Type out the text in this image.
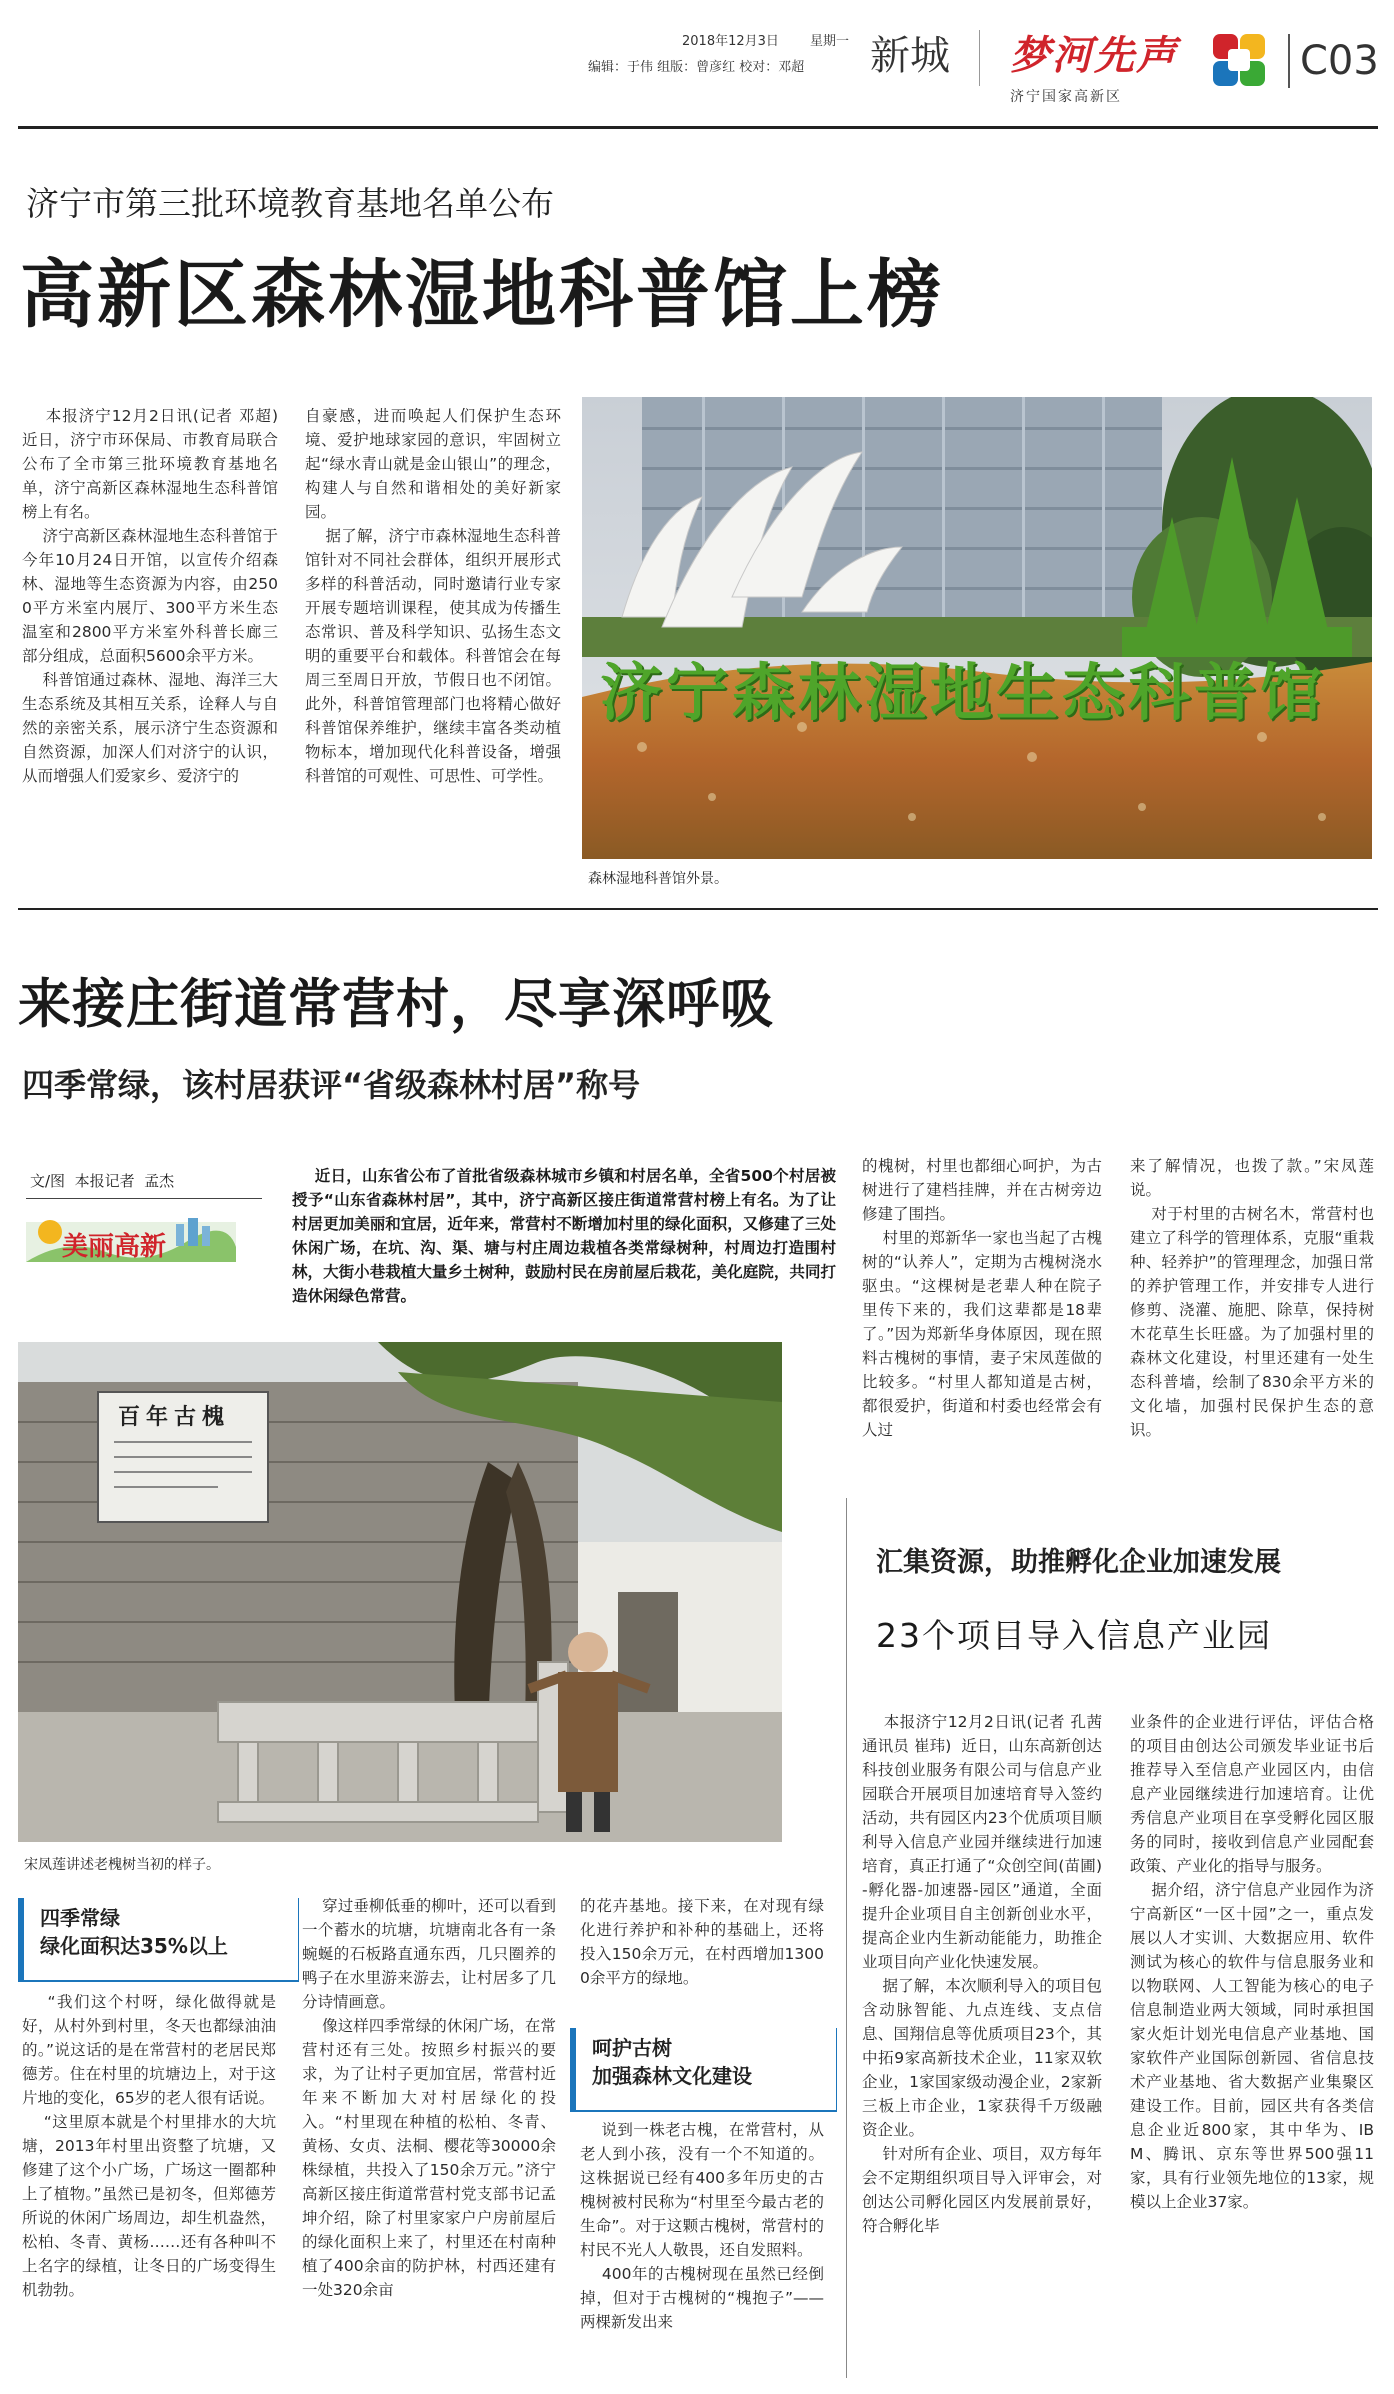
2018年12月3日 星期一
编辑：于伟 组版：曾彦红 校对：邓超 新城 梦河先声
济宁国家高新区
C03
济宁市第三批环境教育基地名单公布
高新区森林湿地科普馆上榜

本报济宁12月2日讯(记者 邓超)  近日，济宁市环保局、市教育局联合公布了全市第三批环境教育基地名单，济宁高新区森林湿地生态科普馆榜上有名。
济宁高新区森林湿地生态科普馆于今年10月24日开馆，以宣传介绍森林、湿地等生态资源为内容，由2500平方米室内展厅、300平方米生态温室和2800平方米室外科普长廊三部分组成，总面积5600余平方米。
科普馆通过森林、湿地、海洋三大生态系统及其相互关系，诠释人与自然的亲密关系，展示济宁生态资源和自然资源，加深人们对济宁的认识，从而增强人们爱家乡、爱济宁的

自豪感，进而唤起人们保护生态环境、爱护地球家园的意识，牢固树立起“绿水青山就是金山银山”的理念，构建人与自然和谐相处的美好新家园。
据了解，济宁市森林湿地生态科普馆针对不同社会群体，组织开展形式多样的科普活动，同时邀请行业专家开展专题培训课程，使其成为传播生态常识、普及科学知识、弘扬生态文明的重要平台和载体。科普馆会在每周三至周日开放，节假日也不闭馆。此外，科普馆管理部门也将精心做好科普馆保养维护，继续丰富各类动植物标本，增加现代化科普设备，增强科普馆的可观性、可思性、可学性。

济宁森林湿地生态科普馆
森林湿地科普馆外景。
来接庄街道常营村，尽享深呼吸
四季常绿，该村居获评“省级森林村居”称号
文/图  本报记者  孟杰
美丽高新

近日，山东省公布了首批省级森林城市乡镇和村居名单，全省500个村居被授予“山东省森林村居”，其中，济宁高新区接庄街道常营村榜上有名。为了让村居更加美丽和宜居，近年来，常营村不断增加村里的绿化面积，又修建了三处休闲广场，在坑、沟、渠、塘与村庄周边栽植各类常绿树种，村周边打造围村林，大街小巷栽植大量乡土树种，鼓励村民在房前屋后栽花，美化庭院，共同打造休闲绿色常营。

百年古槐
宋凤莲讲述老槐树当初的样子。

的槐树，村里也都细心呵护，为古树进行了建档挂牌，并在古树旁边修建了围挡。
村里的郑新华一家也当起了古槐树的“认养人”，定期为古槐树浇水驱虫。“这棵树是老辈人种在院子里传下来的，我们这辈都是18辈了。”因为郑新华身体原因，现在照料古槐树的事情，妻子宋凤莲做的比较多。“村里人都知道是古树，都很爱护，街道和村委也经常会有人过

来了解情况，也拨了款。”宋凤莲说。
对于村里的古树名木，常营村也建立了科学的管理体系，克服“重栽种、轻养护”的管理理念，加强日常的养护管理工作，并安排专人进行修剪、浇灌、施肥、除草，保持树木花草生长旺盛。为了加强村里的森林文化建设，村里还建有一处生态科普墙，绘制了830余平方米的文化墙，加强村民保护生态的意识。

四季常绿
绿化面积达35%以上

“我们这个村呀，绿化做得就是好，从村外到村里，冬天也都绿油油的。”说这话的是在常营村的老居民郑德芳。住在村里的坑塘边上，对于这片地的变化，65岁的老人很有话说。
“这里原本就是个村里排水的大坑塘，2013年村里出资整了坑塘，又修建了这个小广场，广场这一圈都种上了植物。”虽然已是初冬，但郑德芳所说的休闲广场周边，却生机盎然，松柏、冬青、黄杨……还有各种叫不上名字的绿植，让冬日的广场变得生机勃勃。

穿过垂柳低垂的柳叶，还可以看到一个蓄水的坑塘，坑塘南北各有一条蜿蜒的石板路直通东西，几只圈养的鸭子在水里游来游去，让村居多了几分诗情画意。
像这样四季常绿的休闲广场，在常营村还有三处。按照乡村振兴的要求，为了让村子更加宜居，常营村近年来不断加大对村居绿化的投入。“村里现在种植的松柏、冬青、黄杨、女贞、法桐、樱花等30000余株绿植，共投入了150余万元。”济宁高新区接庄街道常营村党支部书记孟坤介绍，除了村里家家户户房前屋后的绿化面积上来了，村里还在村南种植了400余亩的防护林，村西还建有一处320余亩

的花卉基地。接下来，在对现有绿化进行养护和补种的基础上，还将投入150余万元，在村西增加13000余平方的绿地。

呵护古树
加强森林文化建设

说到一株老古槐，在常营村，从老人到小孩，没有一个不知道的。这株据说已经有400多年历史的古槐树被村民称为“村里至今最古老的生命”。对于这颗古槐树，常营村的村民不光人人敬畏，还自发照料。
400年的古槐树现在虽然已经倒掉，但对于古槐树的“槐抱子”——两棵新发出来

汇集资源，助推孵化企业加速发展
23个项目导入信息产业园

本报济宁12月2日讯(记者 孔茜 通讯员 崔玮)  近日，山东高新创达科技创业服务有限公司与信息产业园联合开展项目加速培育导入签约活动，共有园区内23个优质项目顺利导入信息产业园并继续进行加速培育，真正打通了“众创空间(苗圃)-孵化器-加速器-园区”通道，全面提升企业项目自主创新创业水平，提高企业内生新动能能力，助推企业项目向产业化快速发展。
据了解，本次顺利导入的项目包含动脉智能、九点连线、支点信息、国翔信息等优质项目23个，其中拓9家高新技术企业，11家双软企业，1家国家级动漫企业，2家新三板上市企业，1家获得千万级融资企业。
针对所有企业、项目，双方每年会不定期组织项目导入评审会，对创达公司孵化园区内发展前景好，符合孵化毕

业条件的企业进行评估，评估合格的项目由创达公司颁发毕业证书后推荐导入至信息产业园区内，由信息产业园继续进行加速培育。让优秀信息产业项目在享受孵化园区服务的同时，接收到信息产业园配套政策、产业化的指导与服务。
据介绍，济宁信息产业园作为济宁高新区“一区十园”之一，重点发展以人才实训、大数据应用、软件测试为核心的软件与信息服务业和以物联网、人工智能为核心的电子信息制造业两大领域，同时承担国家火炬计划光电信息产业基地、国家软件产业国际创新园、省信息技术产业基地、省大数据产业集聚区建设工作。目前，园区共有各类信息企业近800家，其中华为、IBM、腾讯、京东等世界500强11家，具有行业领先地位的13家，规模以上企业37家。
